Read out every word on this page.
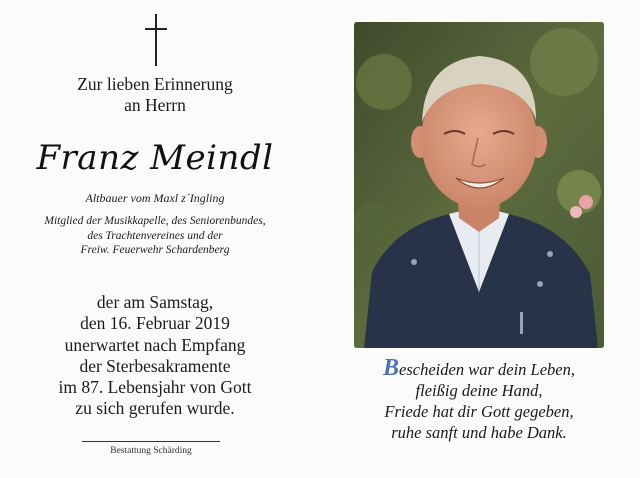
Zur lieben Erinnerung
an Herrn
Franz Meindl
Altbauer vom Maxl z´Ingling
Mitglied der Musikkapelle, des Seniorenbundes,
des Trachtenvereines und der
Freiw. Feuerwehr Schardenberg
der am Samstag,
den 16. Februar 2019
unerwartet nach Empfang
der Sterbesakramente
im 87. Lebensjahr von Gott
zu sich gerufen wurde.
Bestattung Schärding
Bescheiden war dein Leben,
fleißig deine Hand,
Friede hat dir Gott gegeben,
ruhe sanft und habe Dank.
